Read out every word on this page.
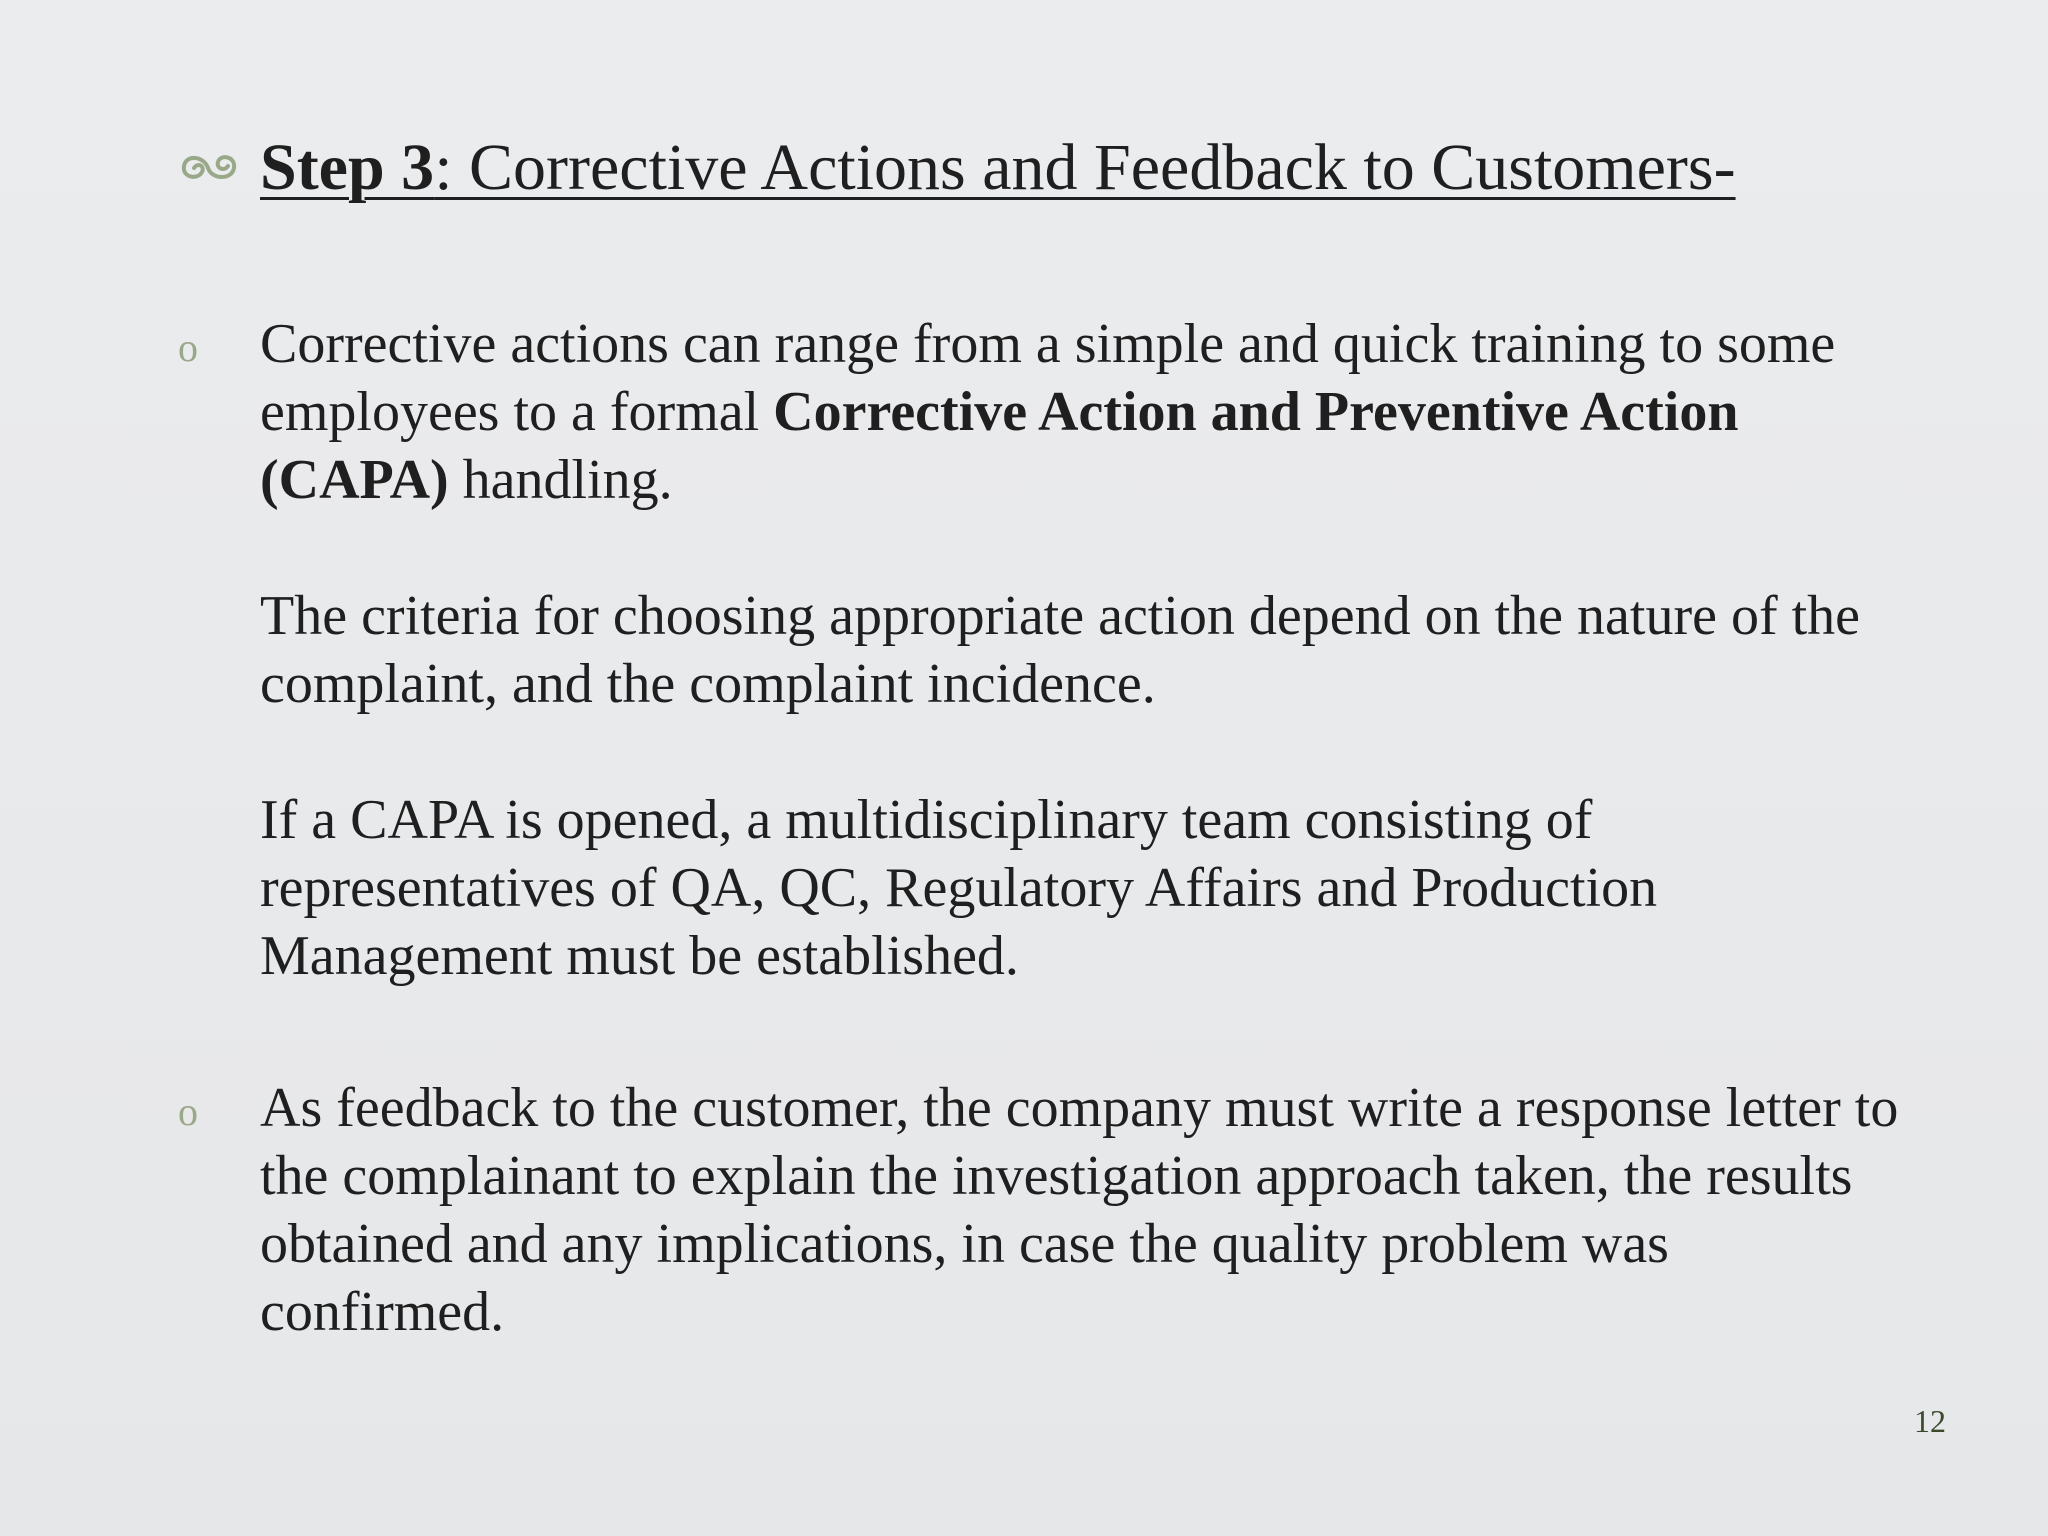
Step 3: Corrective Actions and Feedback to Customers-
o	Corrective actions can range from a simple and quick training to some employees to a formal Corrective Action and Preventive Action (CAPA) handling.

The criteria for choosing appropriate action depend on the nature of the complaint, and the complaint incidence.

If a CAPA is opened, a multidisciplinary team consisting of representatives of QA, QC, Regulatory Affairs and Production Management must be established.

o	As feedback to the customer, the company must write a response letter to the complainant to explain the investigation approach taken, the results obtained and any implications, in case the quality problem was confirmed.

12
